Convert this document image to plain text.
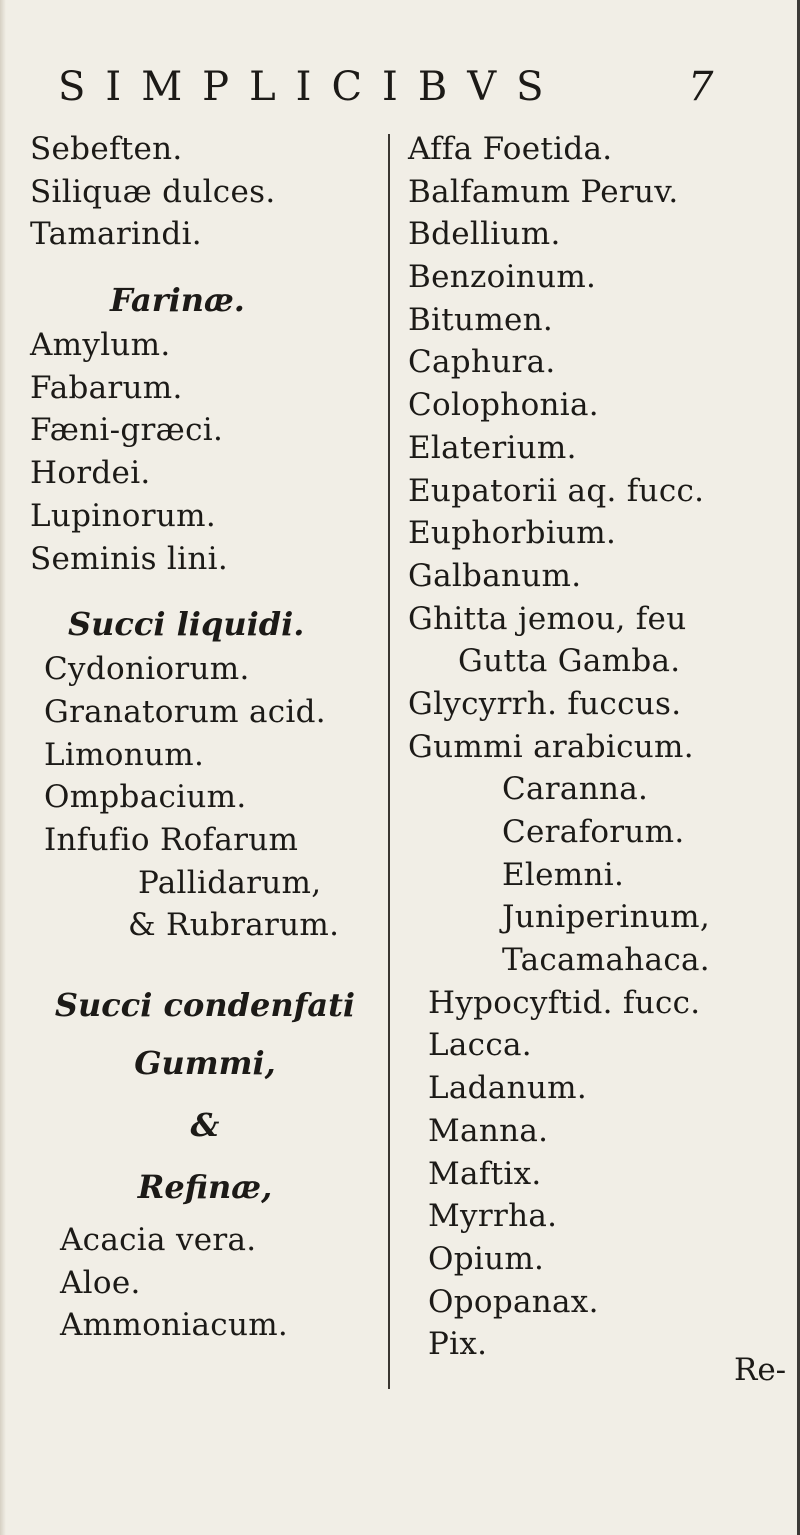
SIMPLICIBVS	7
Sebeften.
Siliquæ dulces.
Tamarindi.
Farinæ.
Amylum.
Fabarum.
Fæni-græci.
Hordei.
Lupinorum.
Seminis lini.
Succi liquidi.
Cydoniorum.
Granatorum acid.
Limonum.
Ompbacium.
Infufio Rofarum
Pallidarum,
& Rubrarum.
Succi condenfati
Gummi,
&
Refinæ,
Acacia vera.
Aloe.
Ammoniacum.
Affa Foetida.
Balfamum Peruv.
Bdellium.
Benzoinum.
Bitumen.
Caphura.
Colophonia.
Elaterium.
Eupatorii aq. fucc.
Euphorbium.
Galbanum.
Ghitta jemou, feu
Gutta Gamba.
Glycyrrh. fuccus.
Gummi arabicum.
Caranna.
Ceraforum.
Elemni.
Juniperinum,
Tacamahaca.
Hypocyftid. fucc.
Lacca.
Ladanum.
Manna.
Maftix.
Myrrha.
Opium.
Opopanax.
Pix.
Re-
